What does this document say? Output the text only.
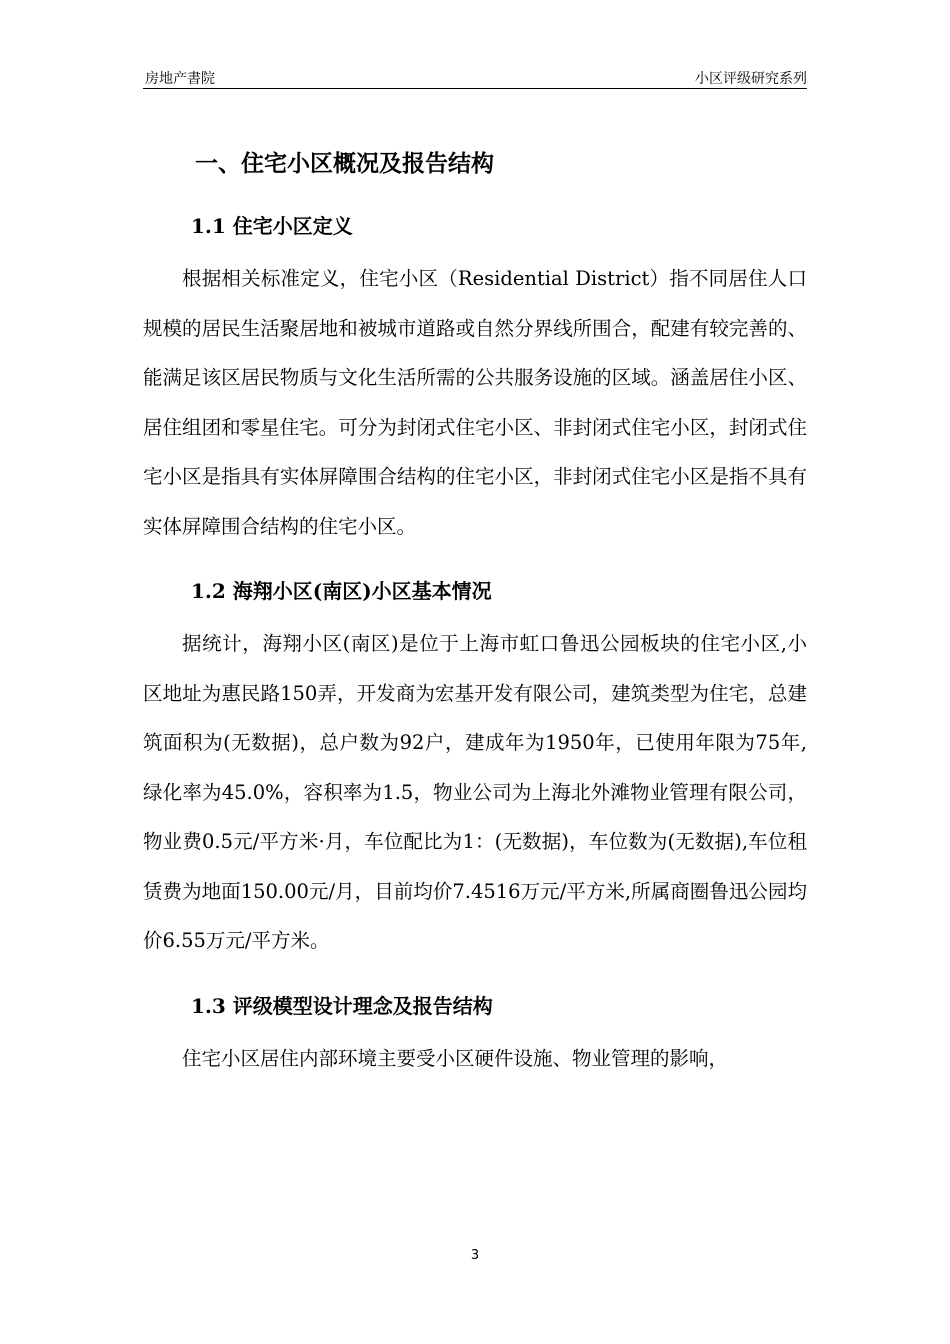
房地产書院	小区评级研究系列
一、住宅小区概况及报告结构
1.1 住宅小区定义

根据相关标准定义，住宅小区（Residential District）指不同居住人口规模的居民生活聚居地和被城市道路或自然分界线所围合，配建有较完善的、能满足该区居民物质与文化生活所需的公共服务设施的区域。涵盖居住小区、居住组团和零星住宅。可分为封闭式住宅小区、非封闭式住宅小区，封闭式住宅小区是指具有实体屏障围合结构的住宅小区，非封闭式住宅小区是指不具有实体屏障围合结构的住宅小区。

1.2 海翔小区(南区)小区基本情况

据统计，海翔小区(南区)是位于上海市虹口鲁迅公园板块的住宅小区,小区地址为惠民路150弄，开发商为宏基开发有限公司，建筑类型为住宅，总建筑面积为(无数据)，总户数为92户，建成年为1950年，已使用年限为75年,绿化率为45.0%，容积率为1.5，物业公司为上海北外滩物业管理有限公司，物业费0.5元/平方米·月，车位配比为1：(无数据)，车位数为(无数据),车位租赁费为地面150.00元/月，目前均价7.4516万元/平方米,所属商圈鲁迅公园均价6.55万元/平方米。

1.3 评级模型设计理念及报告结构

住宅小区居住内部环境主要受小区硬件设施、物业管理的影响，

3
